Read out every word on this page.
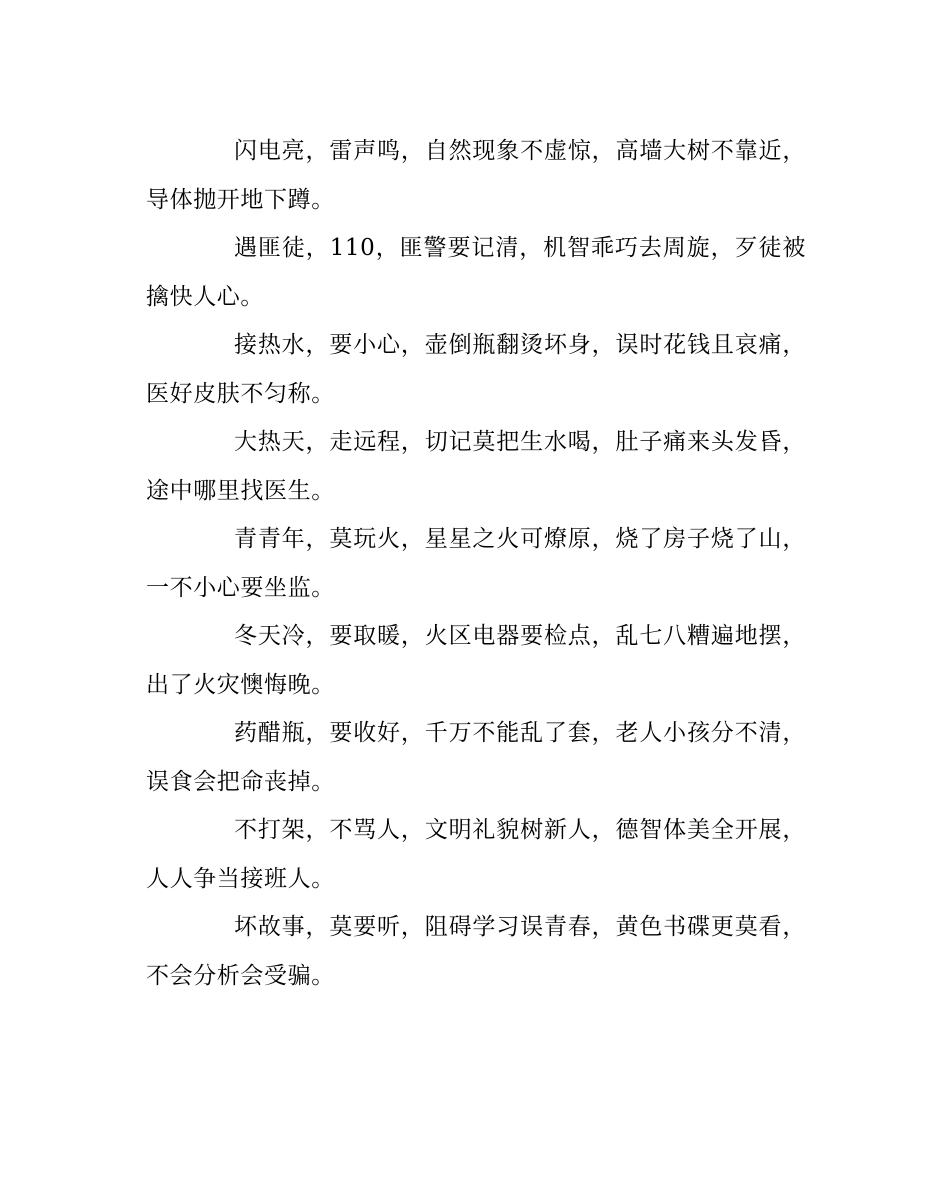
闪电亮，雷声鸣，自然现象不虚惊，高墙大树不靠近，导体抛开地下蹲。

遇匪徒，110，匪警要记清，机智乖巧去周旋，歹徒被擒快人心。

接热水，要小心，壶倒瓶翻烫坏身，误时花钱且哀痛，医好皮肤不匀称。

大热天，走远程，切记莫把生水喝，肚子痛来头发昏，途中哪里找医生。

青青年，莫玩火，星星之火可燎原，烧了房子烧了山，一不小心要坐监。

冬天冷，要取暖，火区电器要检点，乱七八糟遍地摆，出了火灾懊悔晚。

药醋瓶，要收好，千万不能乱了套，老人小孩分不清，误食会把命丧掉。

不打架，不骂人，文明礼貌树新人，德智体美全开展，人人争当接班人。

坏故事，莫要听，阻碍学习误青春，黄色书碟更莫看，不会分析会受骗。
